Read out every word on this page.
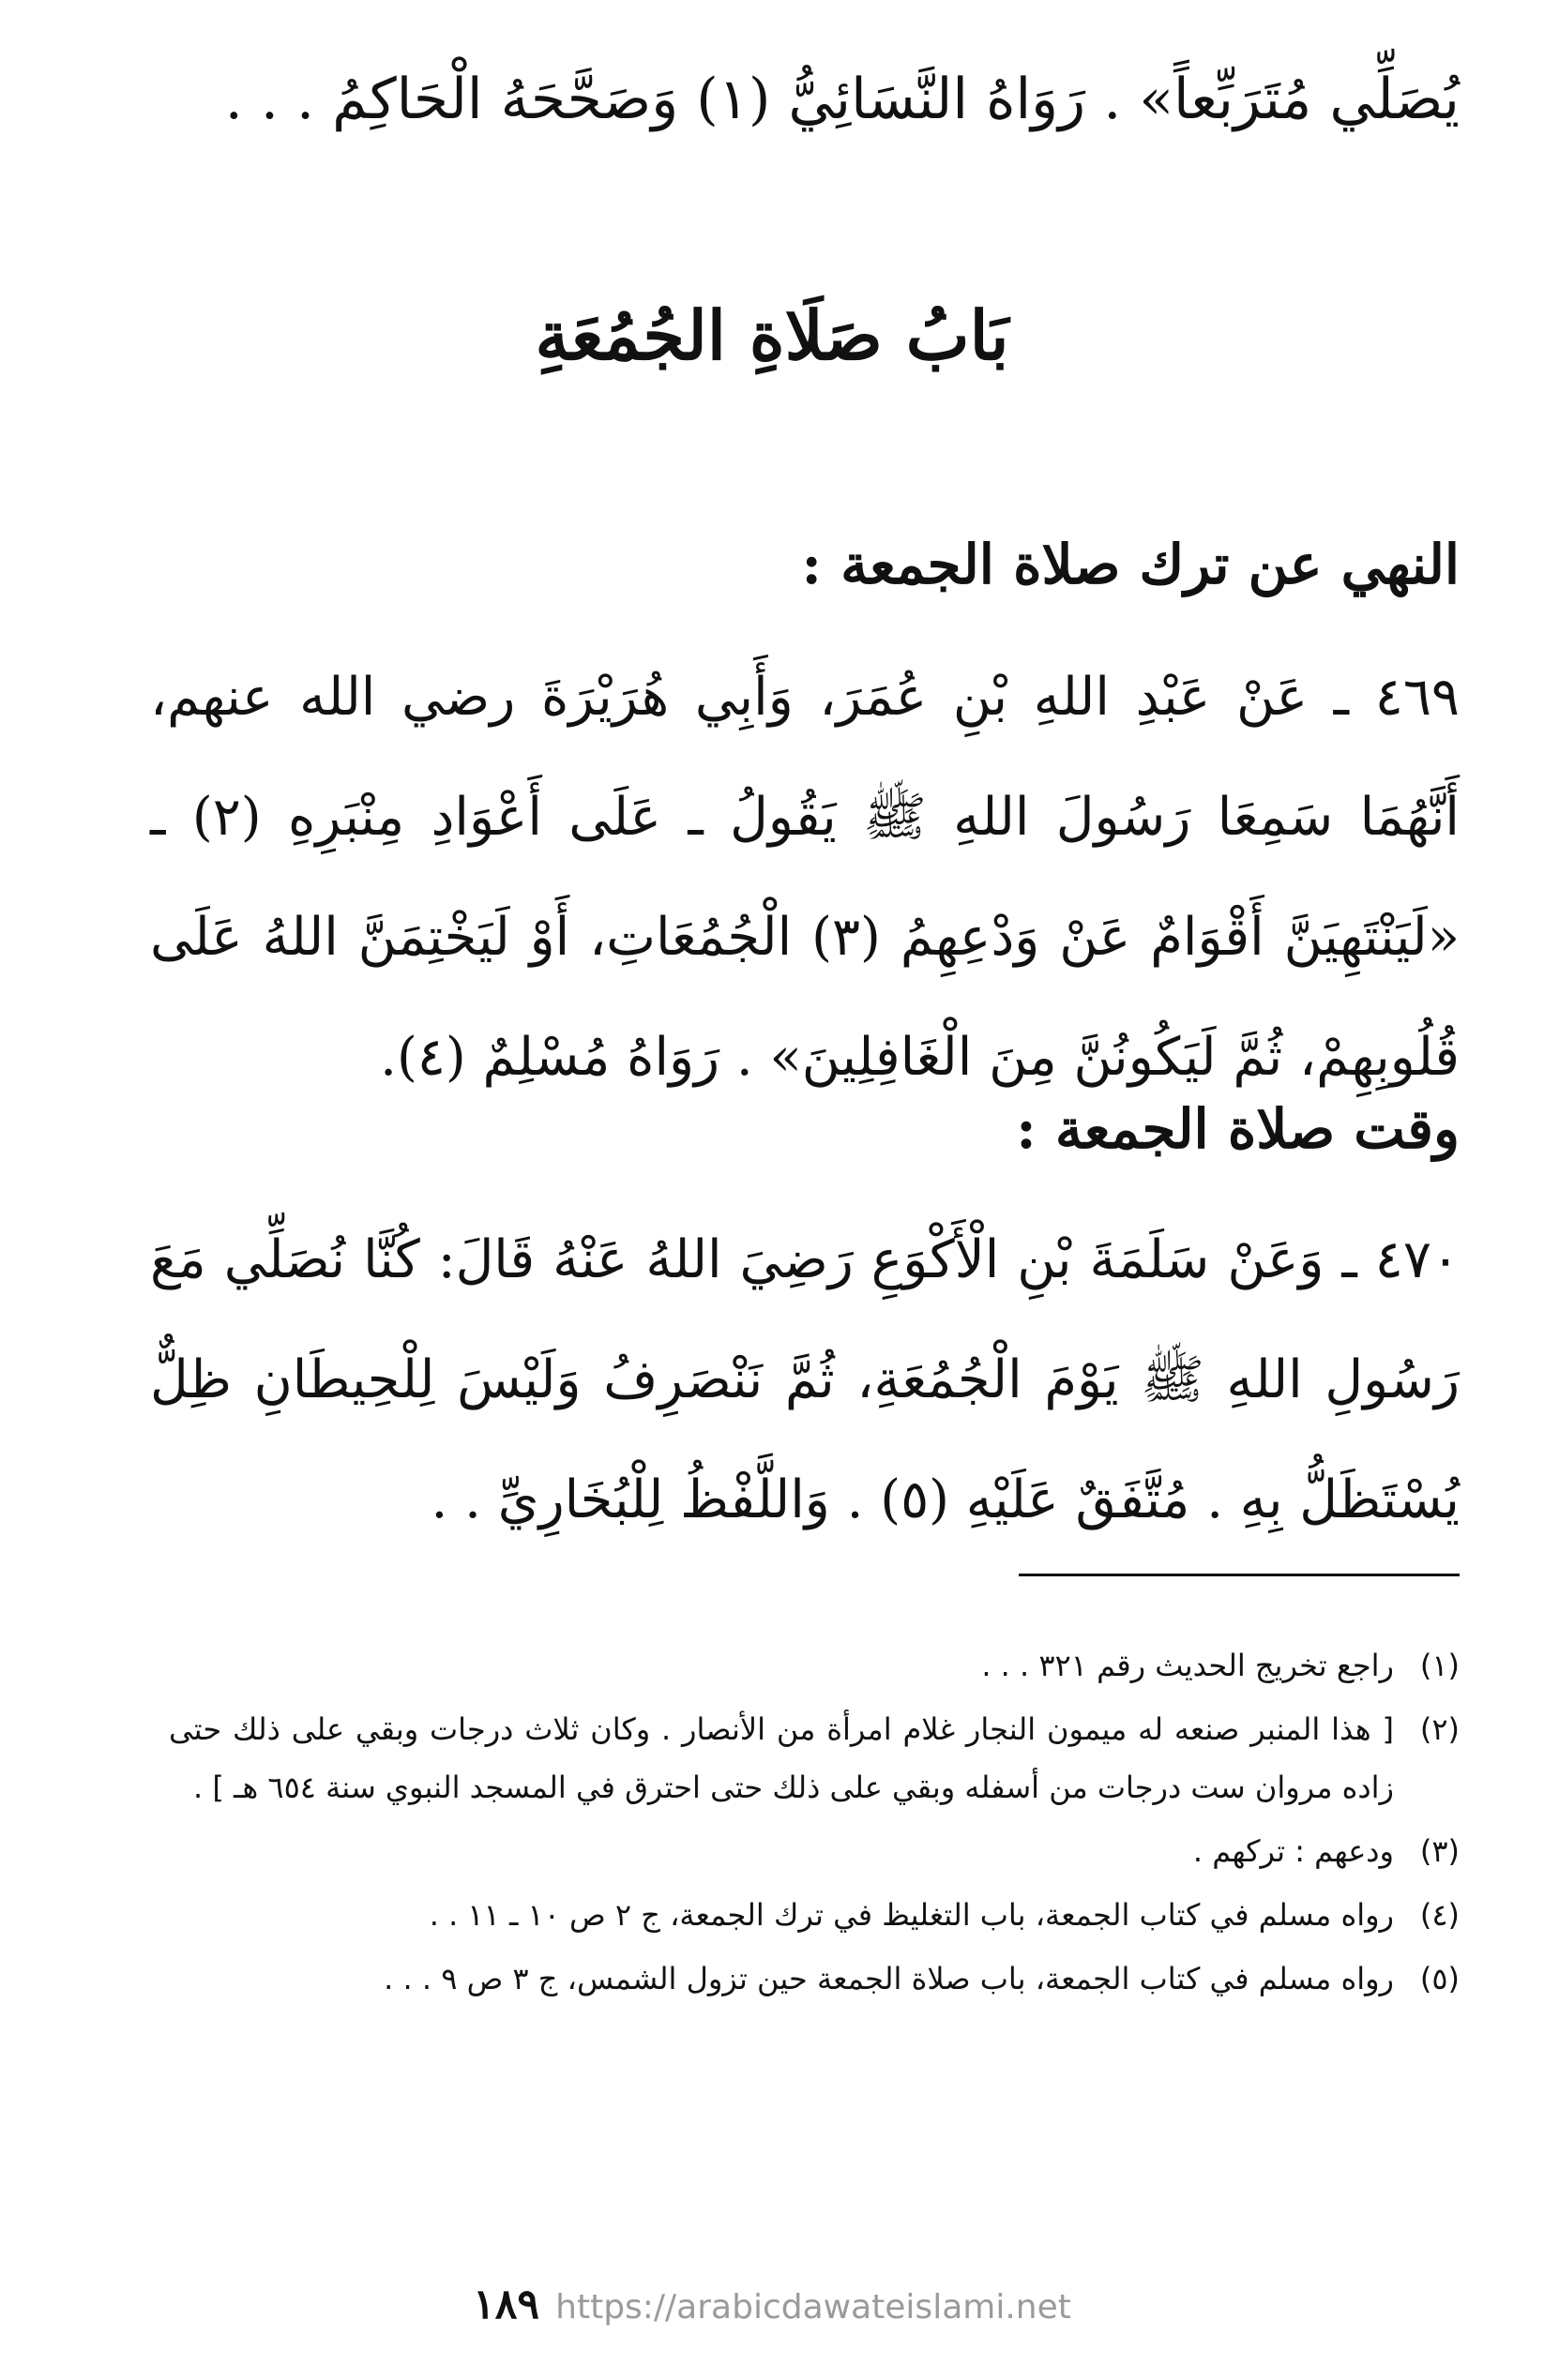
يُصَلِّي مُتَرَبِّعاً» . رَوَاهُ النَّسَائِيُّ (١) وَصَحَّحَهُ الْحَاكِمُ . . .
بَابُ صَلَاةِ الجُمُعَةِ
النهي عن ترك صلاة الجمعة :
٤٦٩ ـ عَنْ عَبْدِ اللهِ بْنِ عُمَرَ، وَأَبِي هُرَيْرَةَ رضي الله عنهم، أَنَّهُمَا سَمِعَا رَسُولَ اللهِ ﷺ يَقُولُ ـ عَلَى أَعْوَادِ مِنْبَرِهِ (٢) ـ «لَيَنْتَهِيَنَّ أَقْوَامٌ عَنْ وَدْعِهِمُ (٣) الْجُمُعَاتِ، أَوْ لَيَخْتِمَنَّ اللهُ عَلَى قُلُوبِهِمْ، ثُمَّ لَيَكُونُنَّ مِنَ الْغَافِلِينَ» . رَوَاهُ مُسْلِمٌ (٤).
وقت صلاة الجمعة :
٤٧٠ ـ وَعَنْ سَلَمَةَ بْنِ الْأَكْوَعِ رَضِيَ اللهُ عَنْهُ قَالَ: كُنَّا نُصَلِّي مَعَ رَسُولِ اللهِ ﷺ يَوْمَ الْجُمُعَةِ، ثُمَّ نَنْصَرِفُ وَلَيْسَ لِلْحِيطَانِ ظِلٌّ يُسْتَظَلُّ بِهِ . مُتَّفَقٌ عَلَيْهِ (٥) . وَاللَّفْظُ لِلْبُخَارِيِّ . .
(١)
راجع تخريج الحديث رقم ٣٢١ . . .
(٢)
[ هذا المنبر صنعه له ميمون النجار غلام امرأة من الأنصار . وكان ثلاث درجات وبقي على ذلك حتى زاده مروان ست درجات من أسفله وبقي على ذلك حتى احترق في المسجد النبوي سنة ٦٥٤ هـ ] .
(٣)
ودعهم : تركهم .
(٤)
رواه مسلم في كتاب الجمعة، باب التغليظ في ترك الجمعة، ج ٢ ص ١٠ ـ ١١ . .
(٥)
رواه مسلم في كتاب الجمعة، باب صلاة الجمعة حين تزول الشمس، ج ٣ ص ٩ . . .
١٨٩ https://arabicdawateislami.net
